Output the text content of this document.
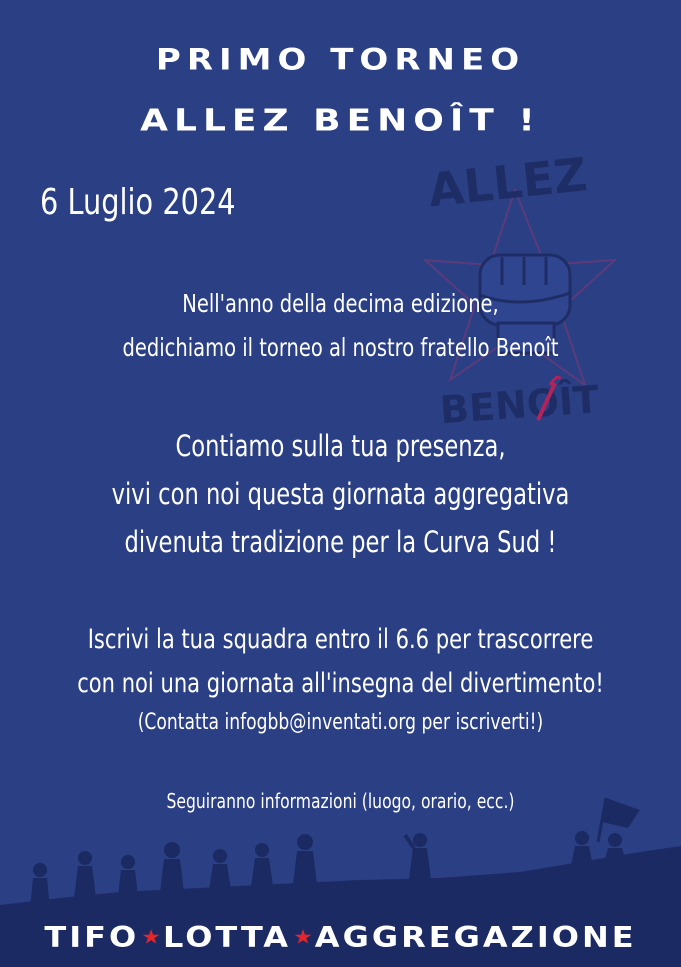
ALLEZ
BENOÎT
PRIMO TORNEO
ALLEZ BENOÎT !
6 Luglio 2024
Nell'anno della decima edizione,
dedichiamo il torneo al nostro fratello Benoît
Contiamo sulla tua presenza,
vivi con noi questa giornata aggregativa
divenuta tradizione per la Curva Sud !
Iscrivi la tua squadra entro il 6.6 per trascorrere
con noi una giornata all'insegna del divertimento!
(Contatta infogbb@inventati.org per iscriverti!)
Seguiranno informazioni (luogo, orario, ecc.)
TIFO★LOTTA★AGGREGAZIONE
